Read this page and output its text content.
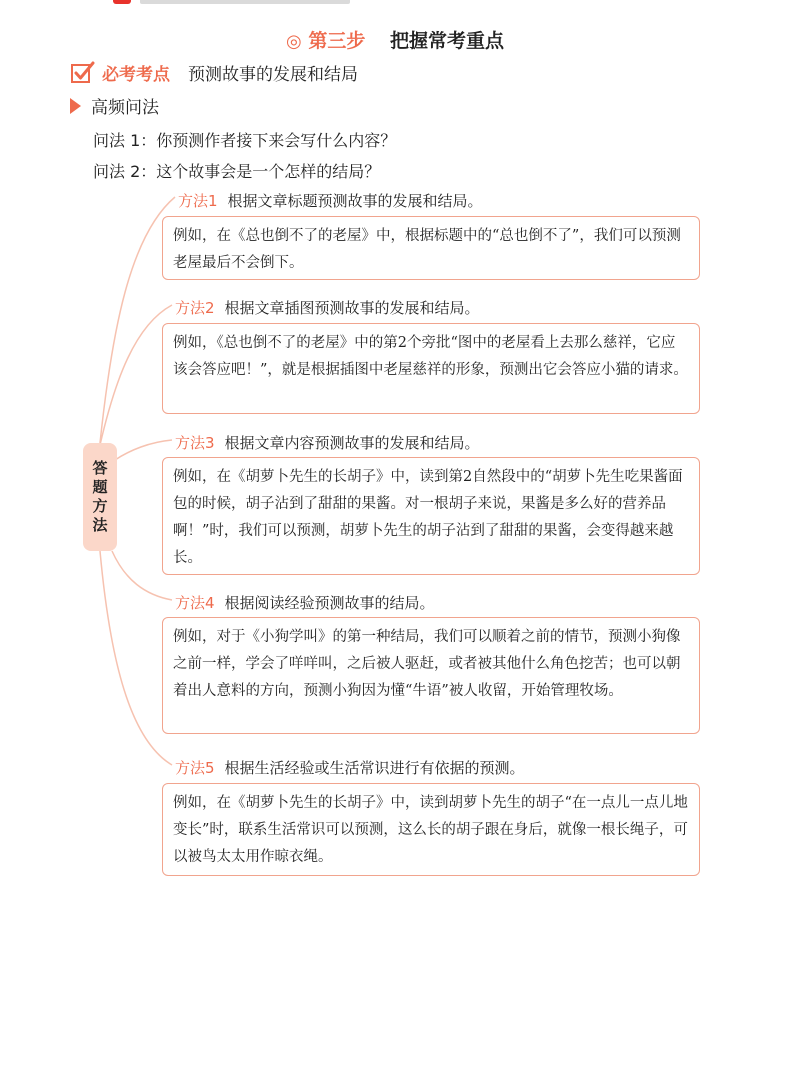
◎ 第三步 把握常考重点
必考考点 预测故事的发展和结局
高频问法
问法 1：你预测作者接下来会写什么内容？
问法 2：这个故事会是一个怎样的结局？
答题方法
方法1 根据文章标题预测故事的发展和结局。
例如，在《总也倒不了的老屋》中，根据标题中的“总也倒不了”，我们可以预测老屋最后不会倒下。
方法2 根据文章插图预测故事的发展和结局。
例如，《总也倒不了的老屋》中的第2个旁批“图中的老屋看上去那么慈祥，它应该会答应吧！”，就是根据插图中老屋慈祥的形象，预测出它会答应小猫的请求。
方法3 根据文章内容预测故事的发展和结局。
例如，在《胡萝卜先生的长胡子》中，读到第2自然段中的“胡萝卜先生吃果酱面包的时候，胡子沾到了甜甜的果酱。对一根胡子来说，果酱是多么好的营养品啊！”时，我们可以预测，胡萝卜先生的胡子沾到了甜甜的果酱，会变得越来越长。
方法4 根据阅读经验预测故事的结局。
例如，对于《小狗学叫》的第一种结局，我们可以顺着之前的情节，预测小狗像之前一样，学会了咩咩叫，之后被人驱赶，或者被其他什么角色挖苦；也可以朝着出人意料的方向，预测小狗因为懂“牛语”被人收留，开始管理牧场。
方法5 根据生活经验或生活常识进行有依据的预测。
例如，在《胡萝卜先生的长胡子》中，读到胡萝卜先生的胡子“在一点儿一点儿地变长”时，联系生活常识可以预测，这么长的胡子跟在身后，就像一根长绳子，可以被鸟太太用作晾衣绳。
